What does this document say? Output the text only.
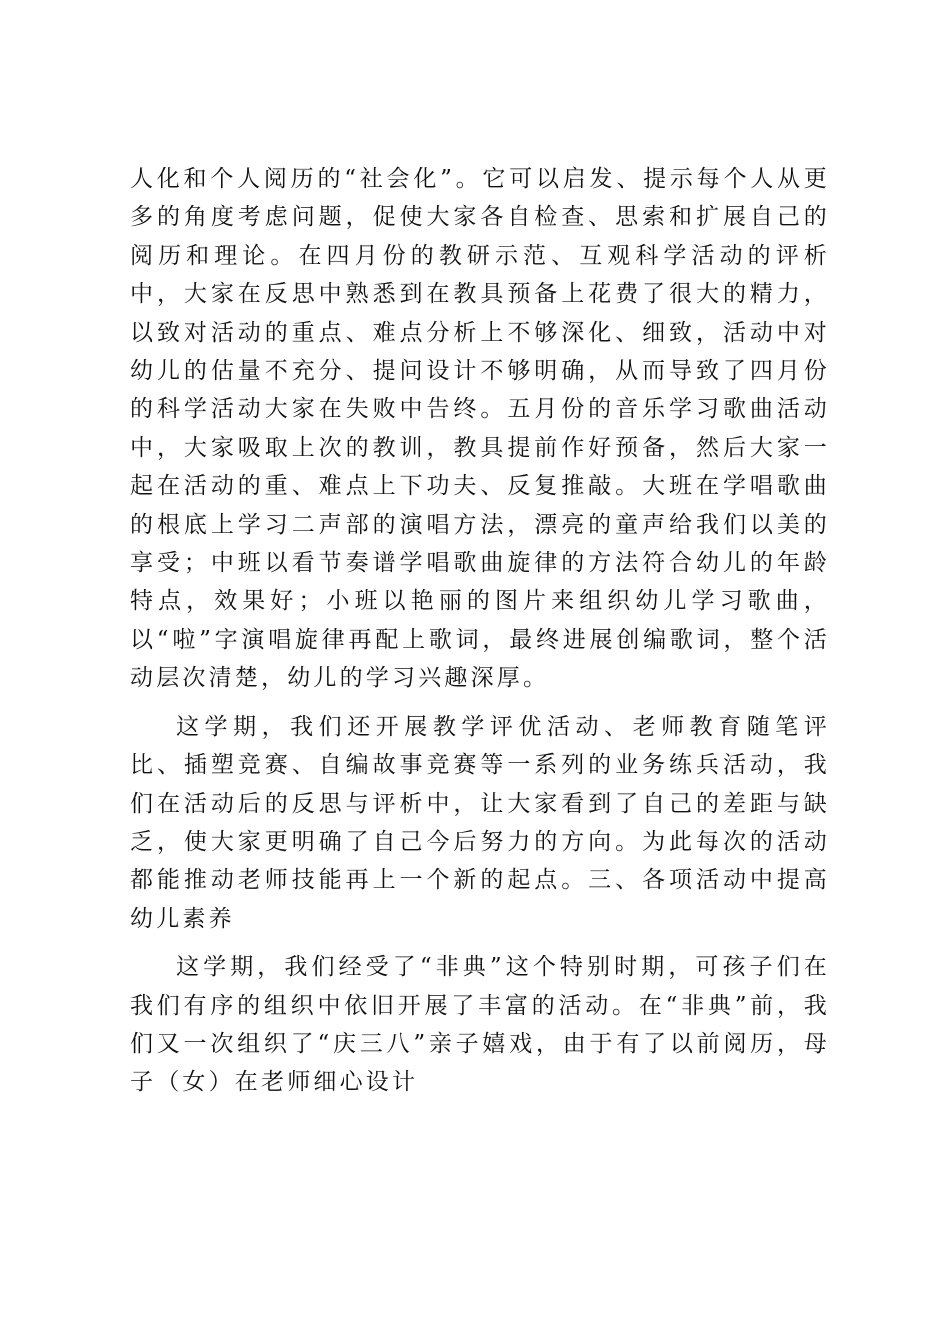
人化和个人阅历的“社会化”。它可以启发、提示每个人从更多的角度考虑问题，促使大家各自检查、思索和扩展自己的阅历和理论。在四月份的教研示范、互观科学活动的评析中，大家在反思中熟悉到在教具预备上花费了很大的精力，以致对活动的重点、难点分析上不够深化、细致，活动中对幼儿的估量不充分、提问设计不够明确，从而导致了四月份的科学活动大家在失败中告终。五月份的音乐学习歌曲活动中，大家吸取上次的教训，教具提前作好预备，然后大家一起在活动的重、难点上下功夫、反复推敲。大班在学唱歌曲的根底上学习二声部的演唱方法，漂亮的童声给我们以美的享受；中班以看节奏谱学唱歌曲旋律的方法符合幼儿的年龄特点，效果好；小班以艳丽的图片来组织幼儿学习歌曲，以“啦”字演唱旋律再配上歌词，最终进展创编歌词，整个活动层次清楚，幼儿的学习兴趣深厚。

这学期，我们还开展教学评优活动、老师教育随笔评比、插塑竞赛、自编故事竞赛等一系列的业务练兵活动，我们在活动后的反思与评析中，让大家看到了自己的差距与缺乏，使大家更明确了自己今后努力的方向。为此每次的活动都能推动老师技能再上一个新的起点。三、各项活动中提高幼儿素养

这学期，我们经受了“非典”这个特别时期，可孩子们在我们有序的组织中依旧开展了丰富的活动。在“非典”前，我们又一次组织了“庆三八”亲子嬉戏，由于有了以前阅历，母子（女）在老师细心设计
